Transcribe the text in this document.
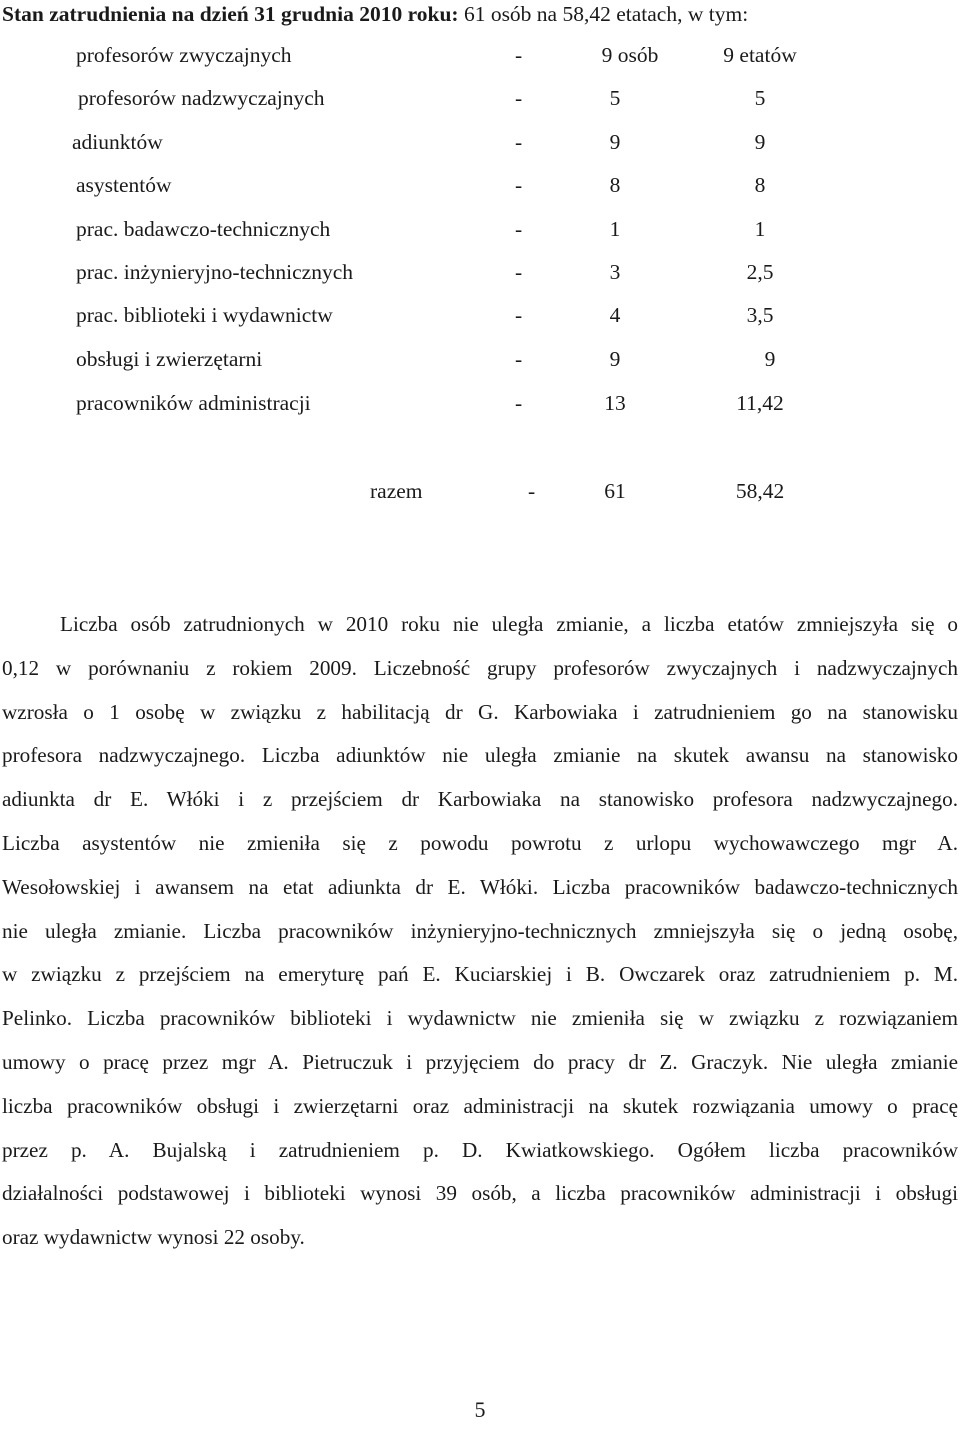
Stan zatrudnienia na dzień 31 grudnia 2010 roku: 61 osób na 58,42 etatach, w tym:
profesorów zwyczajnych	-	9 osób	9 etatów
profesorów nadzwyczajnych	-	5	5
adiunktów	-	9	9
asystentów	-	8	8
prac. badawczo-technicznych	-	1	1
prac. inżynieryjno-technicznych	-	3	2,5
prac. biblioteki i wydawnictw	-	4	3,5
obsługi i zwierzętarni	-	9	9
pracowników administracji	-	13	11,42
razem	-	61	58,42
Liczba osób zatrudnionych w 2010 roku nie uległa zmianie, a liczba etatów zmniejszyła się o
0,12 w porównaniu z rokiem 2009. Liczebność grupy profesorów zwyczajnych i nadzwyczajnych
wzrosła o 1 osobę w związku z habilitacją dr G. Karbowiaka i zatrudnieniem go na stanowisku
profesora nadzwyczajnego. Liczba adiunktów nie uległa zmianie na skutek awansu na stanowisko
adiunkta dr E. Włóki i z przejściem dr Karbowiaka na stanowisko profesora nadzwyczajnego.
Liczba asystentów nie zmieniła się z powodu powrotu z urlopu wychowawczego mgr A.
Wesołowskiej i awansem na etat adiunkta dr E. Włóki. Liczba pracowników badawczo-technicznych
nie uległa zmianie. Liczba pracowników inżynieryjno-technicznych zmniejszyła się o jedną osobę,
w związku z przejściem na emeryturę pań E. Kuciarskiej i B. Owczarek oraz zatrudnieniem p. M.
Pelinko. Liczba pracowników biblioteki i wydawnictw nie zmieniła się w związku z rozwiązaniem
umowy o pracę przez mgr A. Pietruczuk i przyjęciem do pracy dr Z. Graczyk. Nie uległa zmianie
liczba pracowników obsługi i zwierzętarni oraz administracji na skutek rozwiązania umowy o pracę
przez p. A. Bujalską i zatrudnieniem p. D. Kwiatkowskiego. Ogółem liczba pracowników
działalności podstawowej i biblioteki wynosi 39 osób, a liczba pracowników administracji i obsługi
oraz wydawnictw wynosi 22 osoby.
5
